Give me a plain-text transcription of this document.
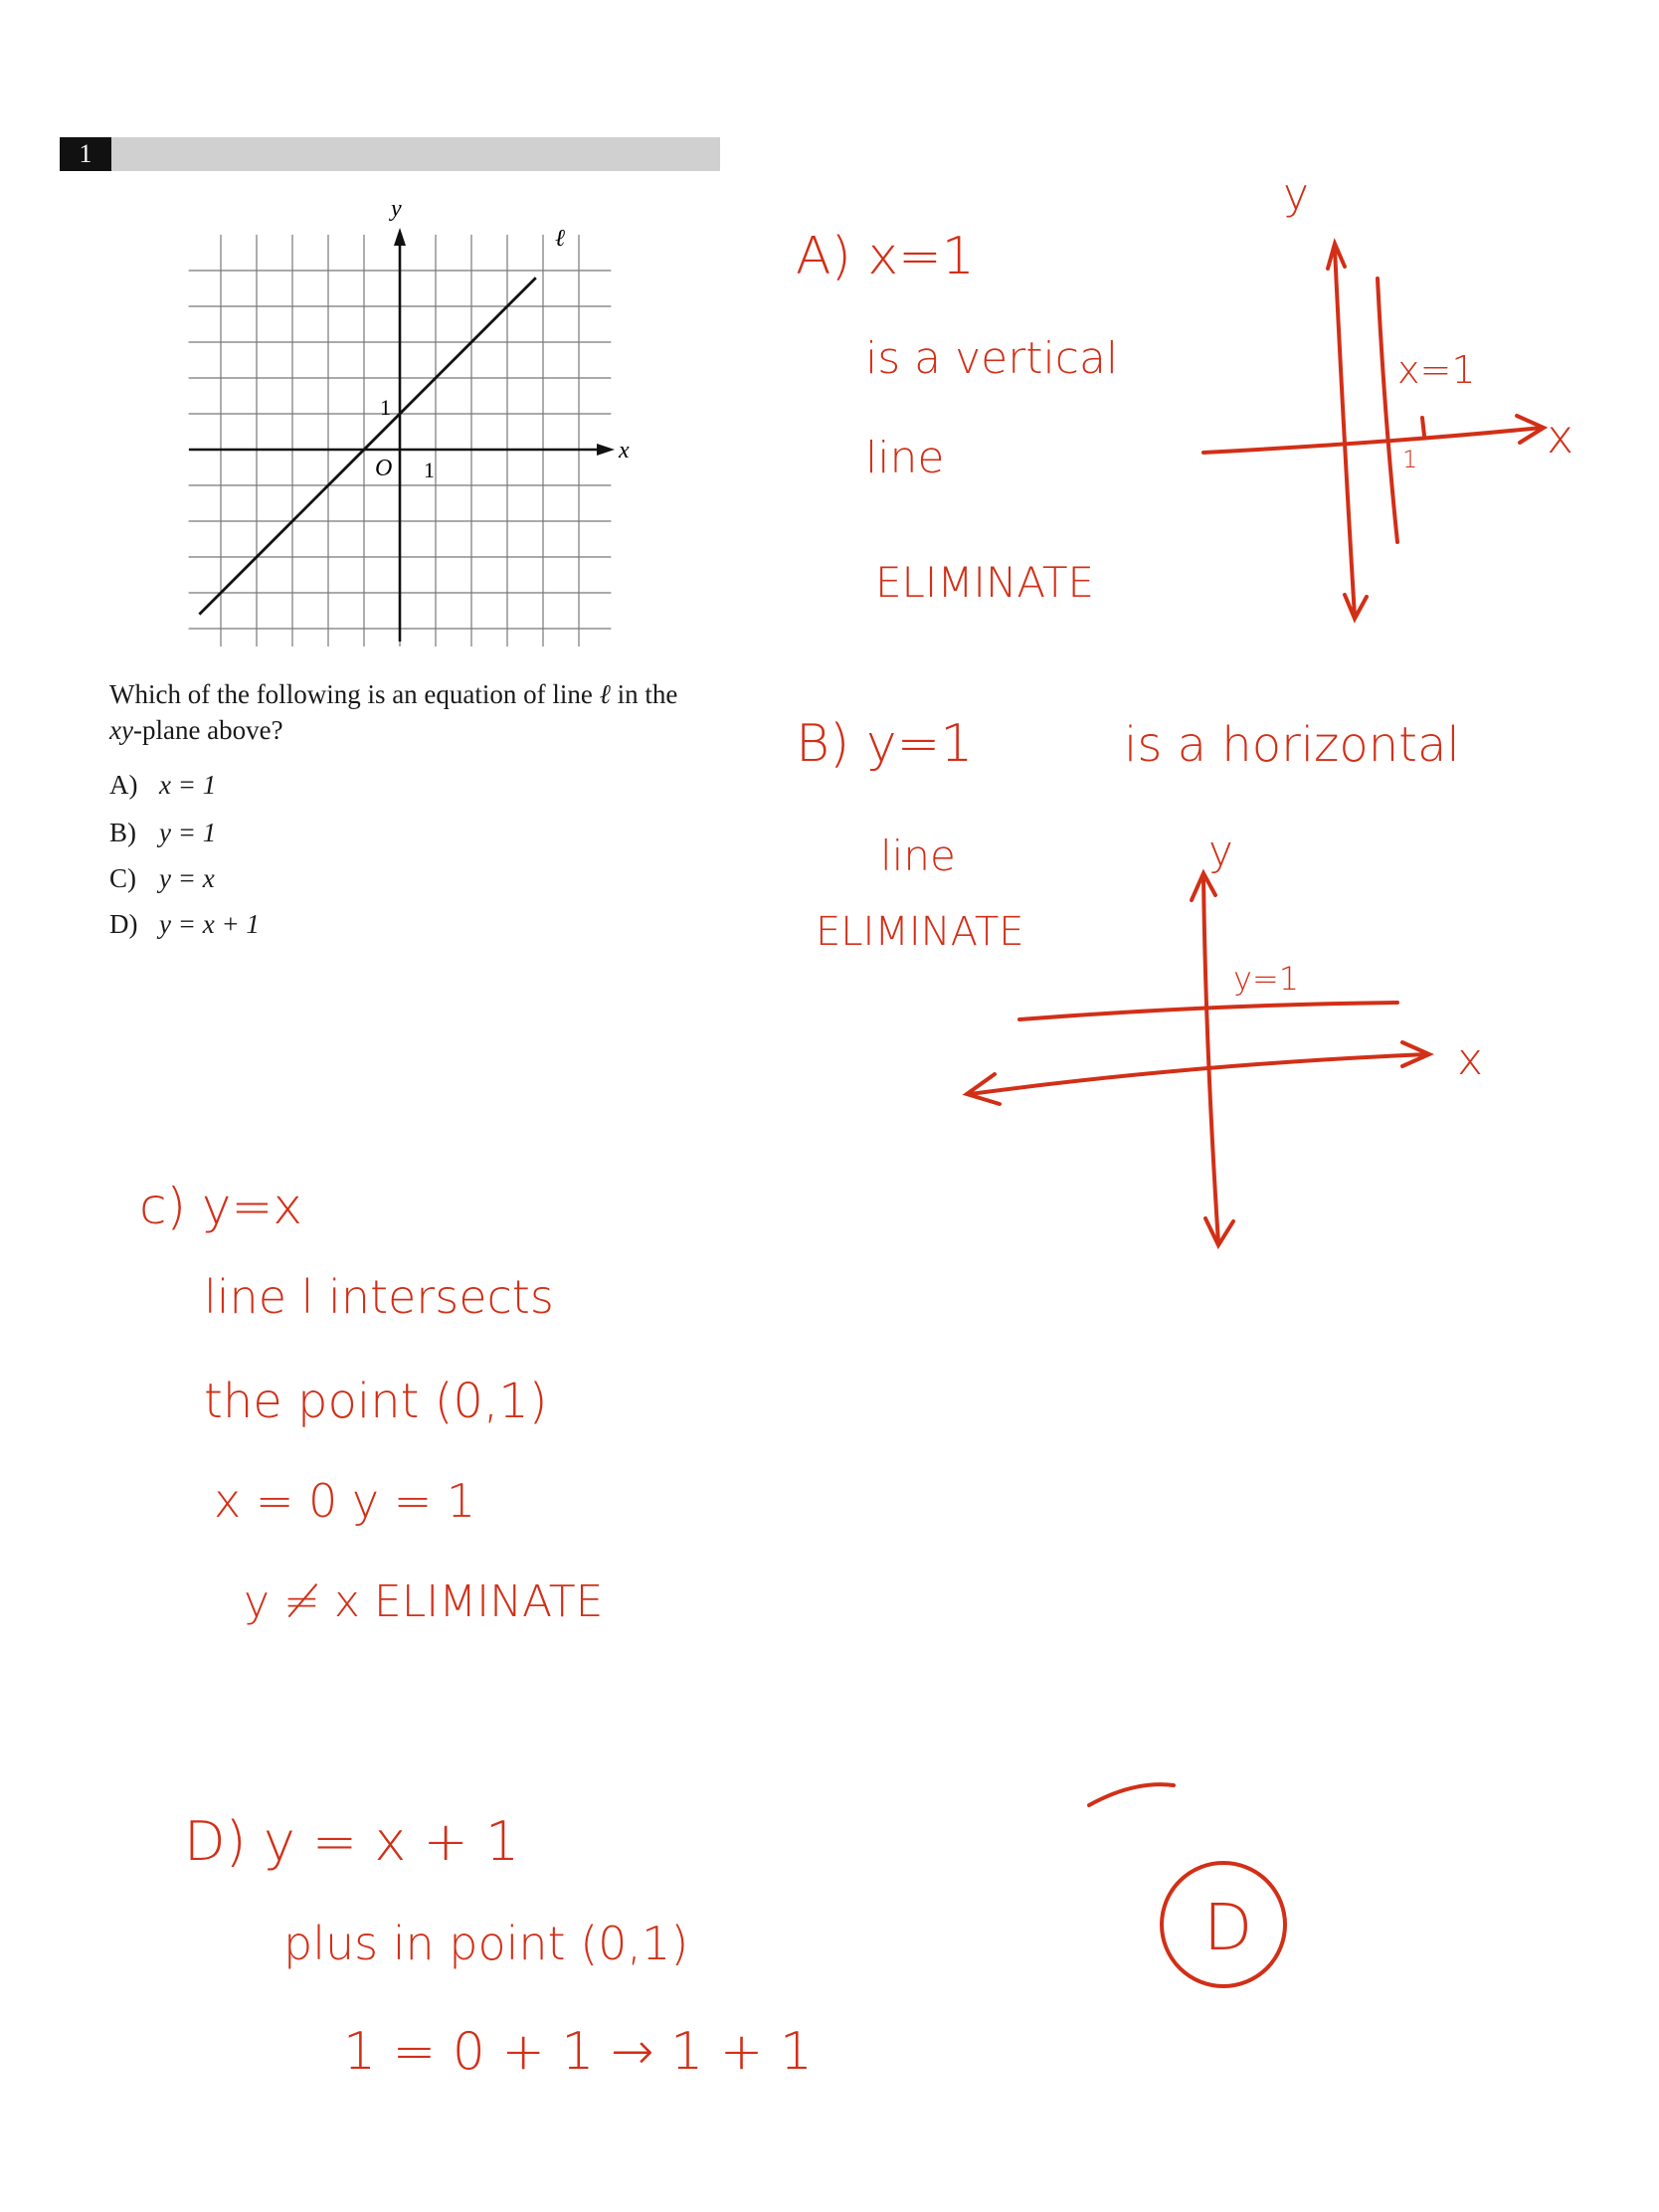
1
y
x
O 1
1
ℓ
Which of the following is an equation of line ℓ in the xy-plane above?
A) x = 1
B) y = 1
C) y = x
D) y = x + 1
A) x=1
is a vertical
line
ELIMINATE
y
x
x=1
1
B) y=1	is a horizontal
line
ELIMINATE
y
x
y=1
c) y=x
line l intersects
the point (0,1)
x = 0 y = 1
y ≠ x ELIMINATE
D) y = x + 1
plus in point (0,1)
1 = 0 + 1 → 1 + 1
D
